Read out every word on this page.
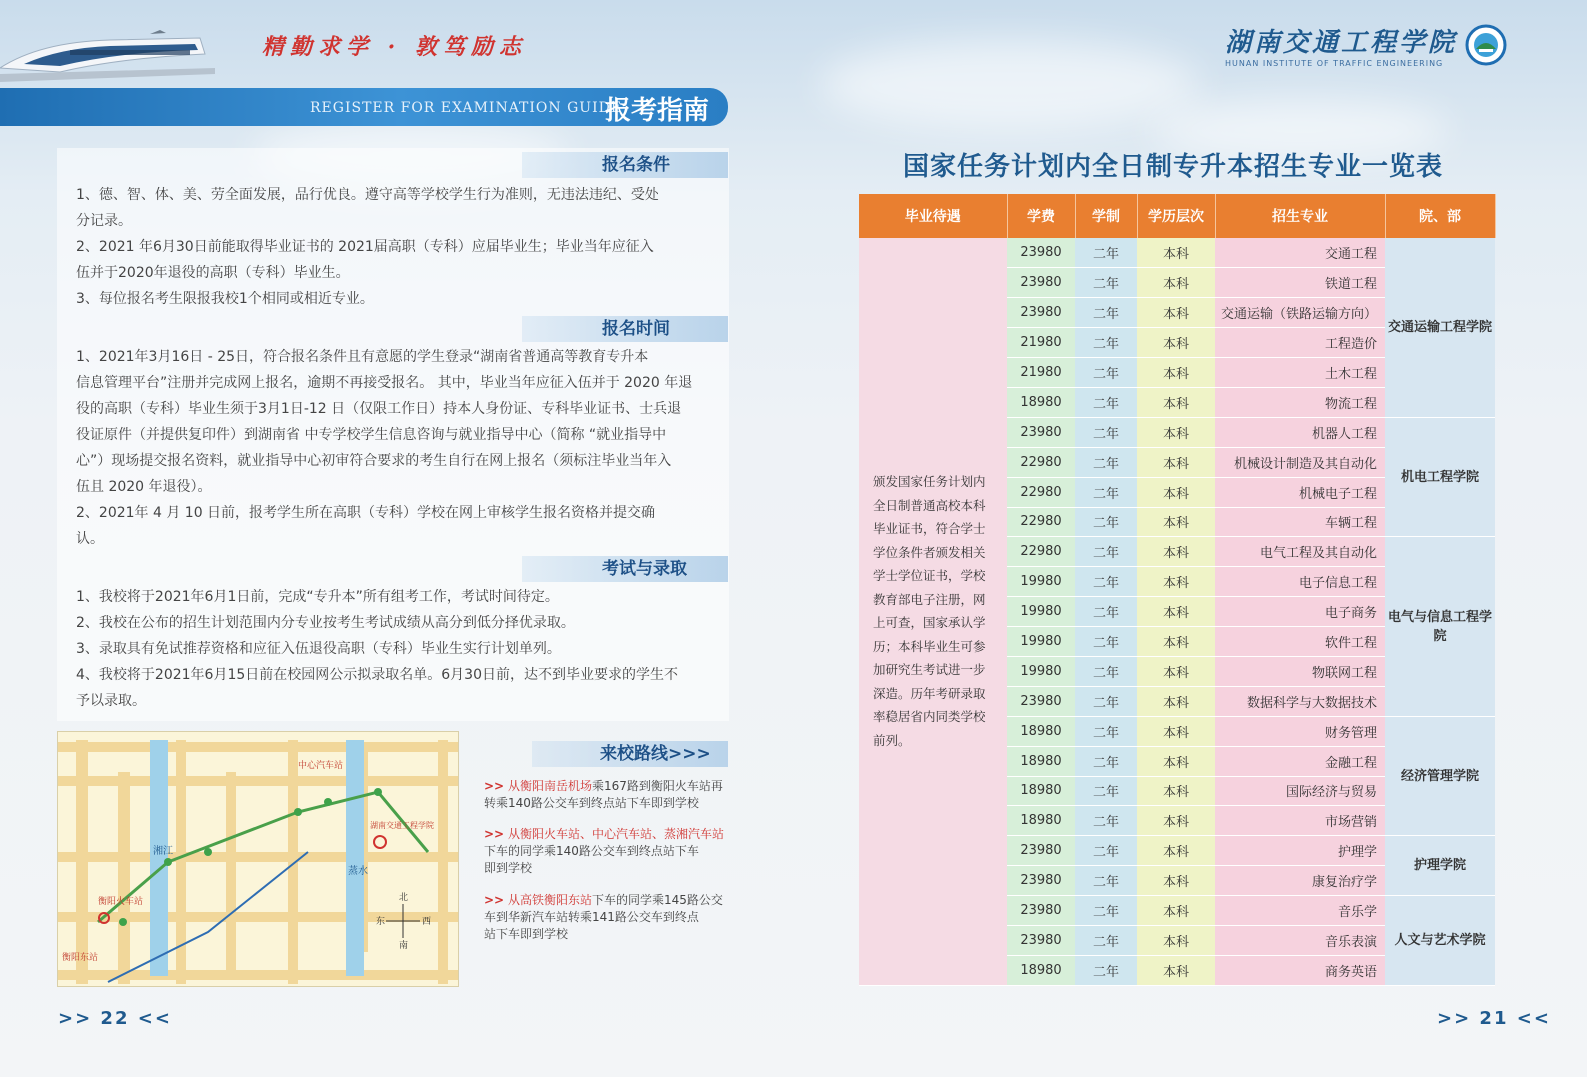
精勤求学 · 敦笃励志	湖南交通工程学院
HUNAN INSTITUTE OF TRAFFIC ENGINEERING
REGISTER FOR EXAMINATION GUIDE
报考指南
报名条件
1、德、智、体、美、劳全面发展，品行优良。遵守高等学校学生行为准则，无违法违纪、受处
分记录。
2、2021 年6月30日前能取得毕业证书的 2021届高职（专科）应届毕业生；毕业当年应征入
伍并于2020年退役的高职（专科）毕业生。
3、每位报名考生限报我校1个相同或相近专业。
报名时间
1、2021年3月16日 - 25日，符合报名条件且有意愿的学生登录“湖南省普通高等教育专升本
信息管理平台”注册并完成网上报名，逾期不再接受报名。 其中，毕业当年应征入伍并于 2020 年退
役的高职（专科）毕业生须于3月1日-12 日（仅限工作日）持本人身份证、专科毕业证书、士兵退
役证原件（并提供复印件）到湖南省 中专学校学生信息咨询与就业指导中心（简称 “就业指导中
心”）现场提交报名资料，就业指导中心初审符合要求的考生自行在网上报名（须标注毕业当年入
伍且 2020 年退役）。
2、2021年 4 月 10 日前，报考学生所在高职（专科）学校在网上审核学生报名资格并提交确
认。
考试与录取
1、我校将于2021年6月1日前，完成“专升本”所有组考工作，考试时间待定。
2、我校在公布的招生计划范围内分专业按考生考试成绩从高分到低分择优录取。
3、录取具有免试推荐资格和应征入伍退役高职（专科）毕业生实行计划单列。
4、我校将于2021年6月15日前在校园网公示拟录取名单。6月30日前，达不到毕业要求的学生不
予以录取。
中心汽车站
衡阳火车站
衡阳东站
湘江
蒸水
湖南交通工程学院
北
南
东	西
来校路线>>>
>> 从衡阳南岳机场乘167路到衡阳火车站再
转乘140路公交车到终点站下车即到学校
>> 从衡阳火车站、中心汽车站、蒸湘汽车站
下车的同学乘140路公交车到终点站下车
即到学校
>> 从高铁衡阳东站下车的同学乘145路公交
车到华新汽车站转乘141路公交车到终点
站下车即到学校
>> 22 <<
国家任务计划内全日制专升本招生专业一览表
毕业待遇	学费	学制	学历层次	招生专业	院、部
颁发国家任务计划内全日制普通高校本科毕业证书，符合学士学位条件者颁发相关学士学位证书，学校教育部电子注册，网上可查，国家承认学历；本科毕业生可参加研究生考试进一步深造。历年考研录取率稳居省内同类学校前列。	23980	二年	本科	交通工程	交通运输工程学院
	23980	二年	本科	铁道工程	
	23980	二年	本科	交通运输（铁路运输方向）	
	21980	二年	本科	工程造价	
	21980	二年	本科	土木工程	
	18980	二年	本科	物流工程	
	23980	二年	本科	机器人工程	机电工程学院
	22980	二年	本科	机械设计制造及其自动化	
	22980	二年	本科	机械电子工程	
	22980	二年	本科	车辆工程	
	22980	二年	本科	电气工程及其自动化	电气与信息工程学院
	19980	二年	本科	电子信息工程	
	19980	二年	本科	电子商务	
	19980	二年	本科	软件工程	
	19980	二年	本科	物联网工程	
	23980	二年	本科	数据科学与大数据技术	
	18980	二年	本科	财务管理	经济管理学院
	18980	二年	本科	金融工程	
	18980	二年	本科	国际经济与贸易	
	18980	二年	本科	市场营销	
	23980	二年	本科	护理学	护理学院
	23980	二年	本科	康复治疗学	
	23980	二年	本科	音乐学	人文与艺术学院
	23980	二年	本科	音乐表演	
	18980	二年	本科	商务英语	
>> 21 <<
